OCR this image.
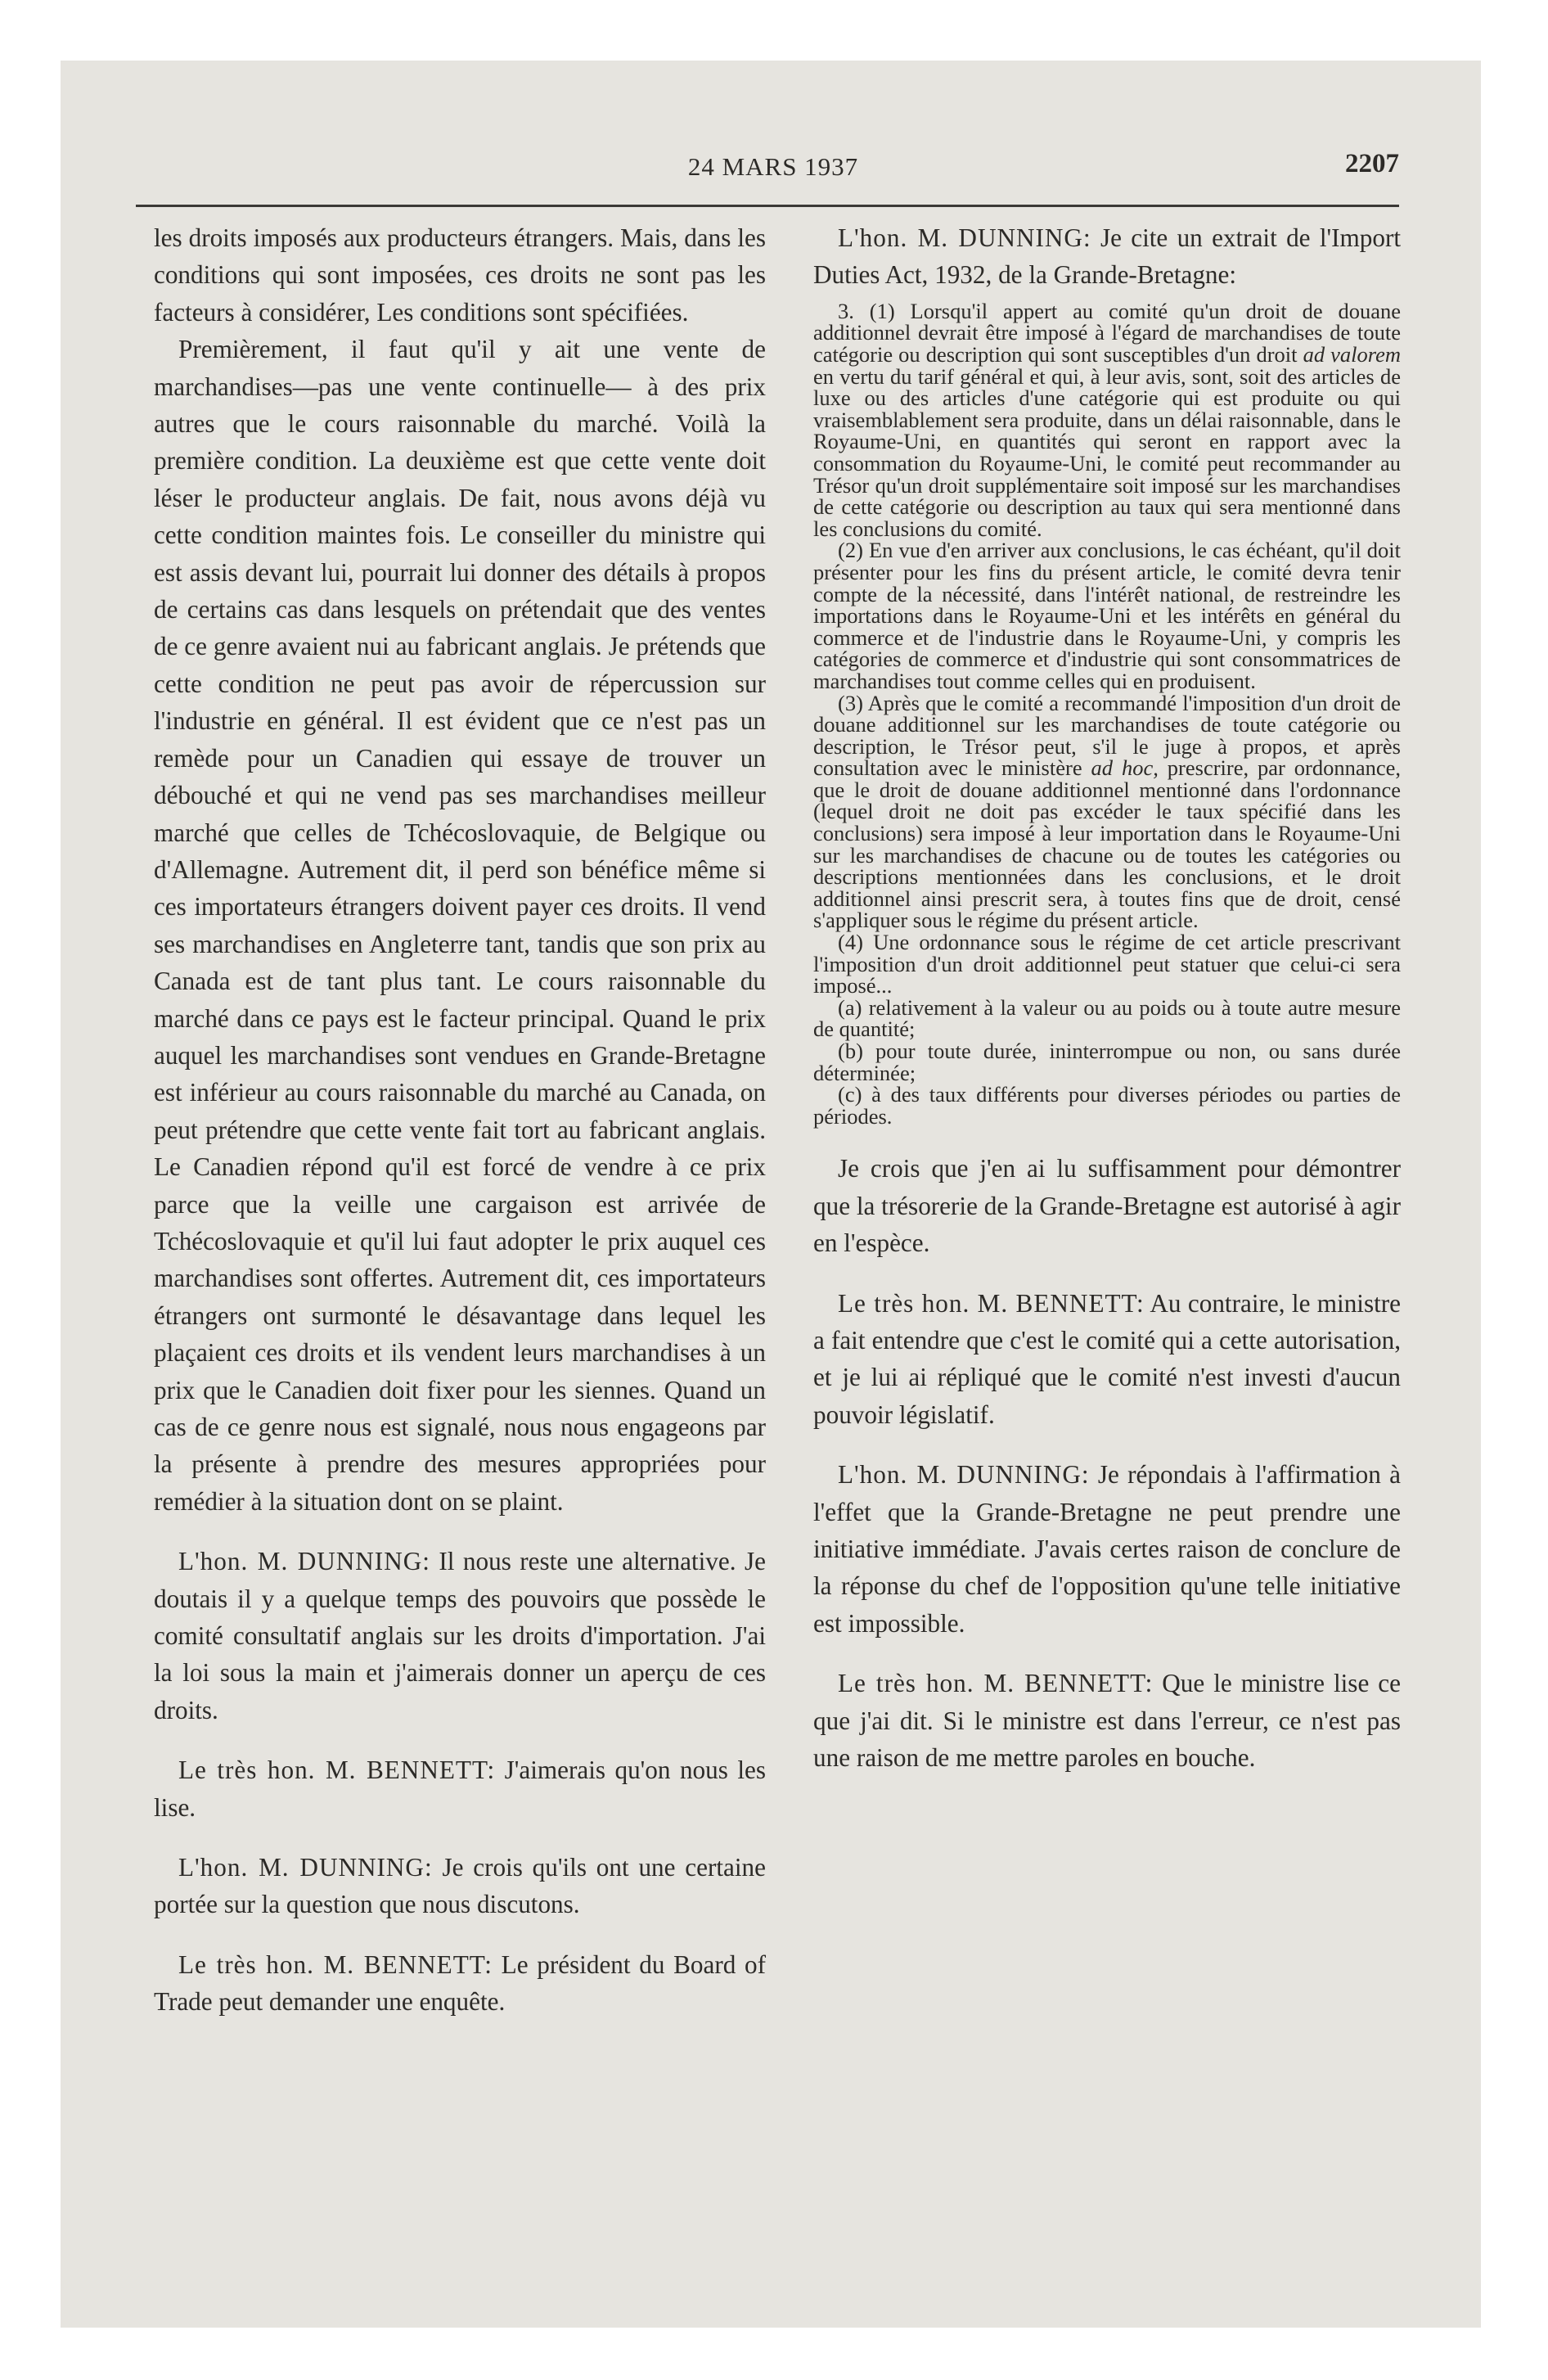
24 MARS 1937	2207

les droits imposés aux producteurs étrangers. Mais, dans les conditions qui sont imposées, ces droits ne sont pas les facteurs à considérer, Les conditions sont spécifiées.

Premièrement, il faut qu'il y ait une vente de marchandises—pas une vente continuelle— à des prix autres que le cours raisonnable du marché. Voilà la première condition. La deuxième est que cette vente doit léser le producteur anglais. De fait, nous avons déjà vu cette condition maintes fois. Le conseiller du ministre qui est assis devant lui, pourrait lui donner des détails à propos de certains cas dans lesquels on prétendait que des ventes de ce genre avaient nui au fabricant anglais. Je prétends que cette condition ne peut pas avoir de répercussion sur l'industrie en général. Il est évident que ce n'est pas un remède pour un Canadien qui essaye de trouver un débouché et qui ne vend pas ses marchandises meilleur marché que celles de Tchécoslovaquie, de Belgique ou d'Allemagne. Autrement dit, il perd son bénéfice même si ces importateurs étrangers doivent payer ces droits. Il vend ses marchandises en Angleterre tant, tandis que son prix au Canada est de tant plus tant. Le cours raisonnable du marché dans ce pays est le facteur principal. Quand le prix auquel les marchandises sont vendues en Grande-Bretagne est inférieur au cours raisonnable du marché au Canada, on peut prétendre que cette vente fait tort au fabricant anglais. Le Canadien répond qu'il est forcé de vendre à ce prix parce que la veille une cargaison est arrivée de Tchécoslovaquie et qu'il lui faut adopter le prix auquel ces marchandises sont offertes. Autrement dit, ces importateurs étrangers ont surmonté le désavantage dans lequel les plaçaient ces droits et ils vendent leurs marchandises à un prix que le Canadien doit fixer pour les siennes. Quand un cas de ce genre nous est signalé, nous nous engageons par la présente à prendre des mesures appropriées pour remédier à la situation dont on se plaint.

L'hon. M. DUNNING: Il nous reste une alternative. Je doutais il y a quelque temps des pouvoirs que possède le comité consultatif anglais sur les droits d'importation. J'ai la loi sous la main et j'aimerais donner un aperçu de ces droits.

Le très hon. M. BENNETT: J'aimerais qu'on nous les lise.

L'hon. M. DUNNING: Je crois qu'ils ont une certaine portée sur la question que nous discutons.

Le très hon. M. BENNETT: Le président du Board of Trade peut demander une enquête.

L'hon. M. DUNNING: Je cite un extrait de l'Import Duties Act, 1932, de la Grande-Bretagne:

3. (1) Lorsqu'il appert au comité qu'un droit de douane additionnel devrait être imposé à l'égard de marchandises de toute catégorie ou description qui sont susceptibles d'un droit ad valorem en vertu du tarif général et qui, à leur avis, sont, soit des articles de luxe ou des articles d'une catégorie qui est produite ou qui vraisemblablement sera produite, dans un délai raisonnable, dans le Royaume-Uni, en quantités qui seront en rapport avec la consommation du Royaume-Uni, le comité peut recommander au Trésor qu'un droit supplémentaire soit imposé sur les marchandises de cette catégorie ou description au taux qui sera mentionné dans les conclusions du comité.

(2) En vue d'en arriver aux conclusions, le cas échéant, qu'il doit présenter pour les fins du présent article, le comité devra tenir compte de la nécessité, dans l'intérêt national, de restreindre les importations dans le Royaume-Uni et les intérêts en général du commerce et de l'industrie dans le Royaume-Uni, y compris les catégories de commerce et d'industrie qui sont consommatrices de marchandises tout comme celles qui en produisent.

(3) Après que le comité a recommandé l'imposition d'un droit de douane additionnel sur les marchandises de toute catégorie ou description, le Trésor peut, s'il le juge à propos, et après consultation avec le ministère ad hoc, prescrire, par ordonnance, que le droit de douane additionnel mentionné dans l'ordonnance (lequel droit ne doit pas excéder le taux spécifié dans les conclusions) sera imposé à leur importation dans le Royaume-Uni sur les marchandises de chacune ou de toutes les catégories ou descriptions mentionnées dans les conclusions, et le droit additionnel ainsi prescrit sera, à toutes fins que de droit, censé s'appliquer sous le régime du présent article.

(4) Une ordonnance sous le régime de cet article prescrivant l'imposition d'un droit additionnel peut statuer que celui-ci sera imposé...

(a) relativement à la valeur ou au poids ou à toute autre mesure de quantité;

(b) pour toute durée, ininterrompue ou non, ou sans durée déterminée;

(c) à des taux différents pour diverses périodes ou parties de périodes.

Je crois que j'en ai lu suffisamment pour démontrer que la trésorerie de la Grande-Bretagne est autorisé à agir en l'espèce.

Le très hon. M. BENNETT: Au contraire, le ministre a fait entendre que c'est le comité qui a cette autorisation, et je lui ai répliqué que le comité n'est investi d'aucun pouvoir législatif.

L'hon. M. DUNNING: Je répondais à l'affirmation à l'effet que la Grande-Bretagne ne peut prendre une initiative immédiate. J'avais certes raison de conclure de la réponse du chef de l'opposition qu'une telle initiative est impossible.

Le très hon. M. BENNETT: Que le ministre lise ce que j'ai dit. Si le ministre est dans l'erreur, ce n'est pas une raison de me mettre paroles en bouche.
